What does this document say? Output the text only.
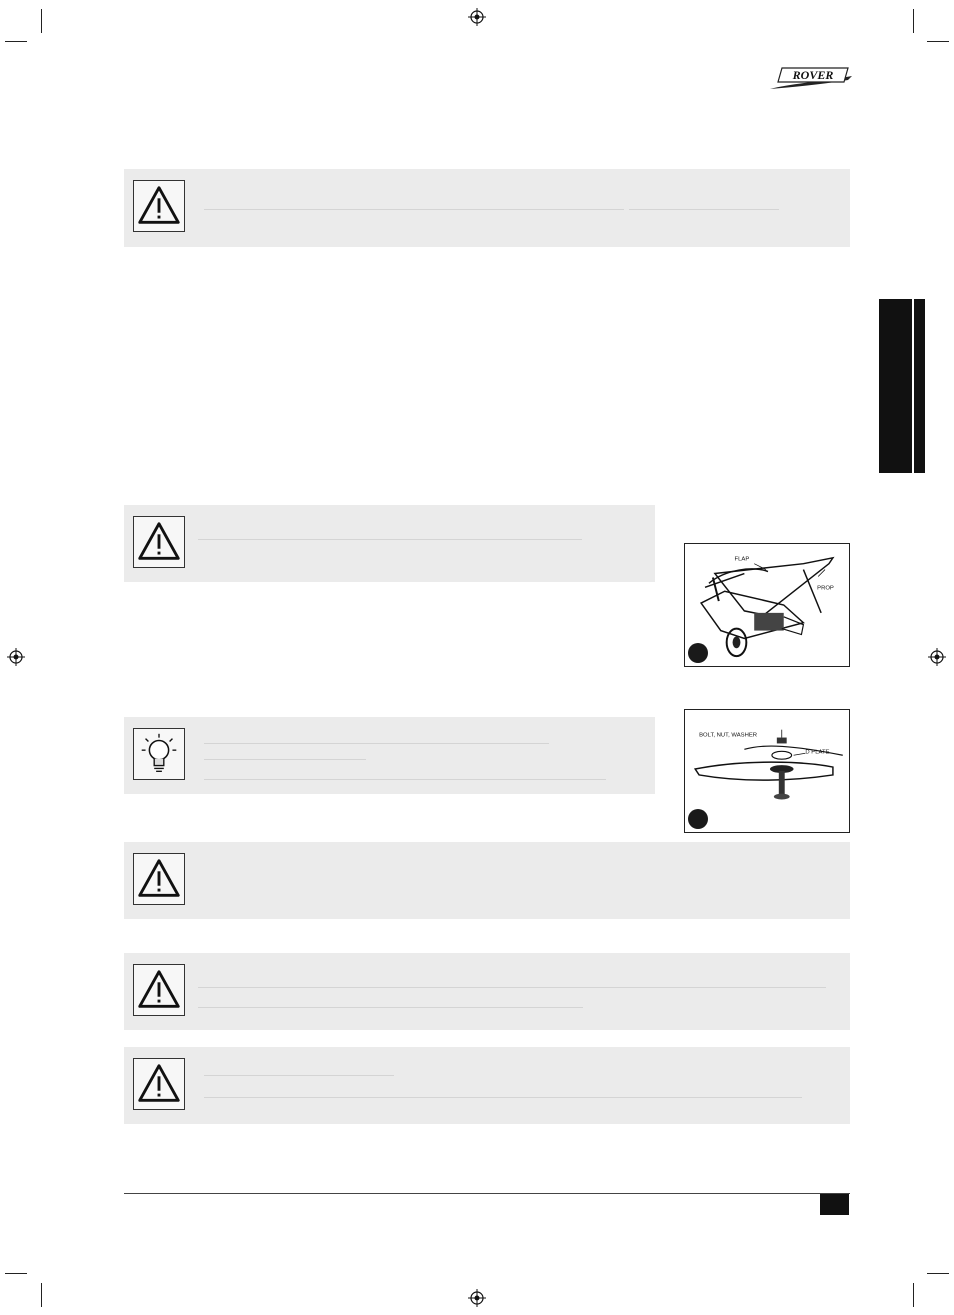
ROVER
FLAP
PROP
BOLT, NUT, WASHER
D PLATE
